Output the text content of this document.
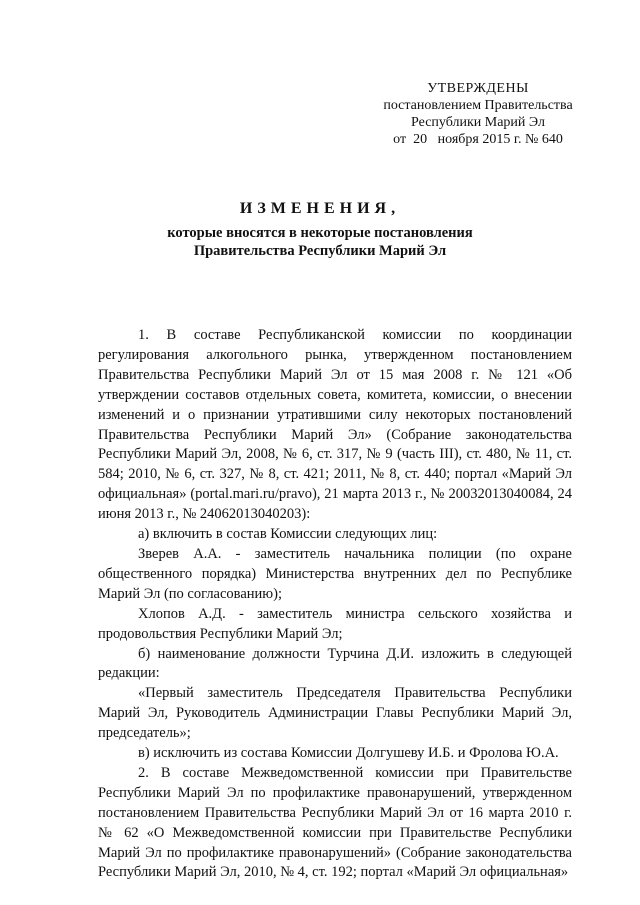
УТВЕРЖДЕНЫ
постановлением Правительства
Республики Марий Эл
от  20   ноября 2015 г. № 640
ИЗМЕНЕНИЯ,
которые вносятся в некоторые постановления
Правительства Республики Марий Эл

1. В составе Республиканской комиссии по координации регулирования алкогольного рынка, утвержденном постановлением Правительства Республики Марий Эл от 15 мая 2008 г. № 121 «Об утверждении составов отдельных совета, комитета, комиссии, о внесении изменений и о признании утратившими силу некоторых постановлений Правительства Республики Марий Эл» (Собрание законодательства Республики Марий Эл, 2008, № 6, ст. 317, № 9 (часть III), ст. 480, № 11, ст. 584; 2010, № 6, ст. 327, № 8, ст. 421; 2011, № 8, ст. 440; портал «Марий Эл официальная» (portal.mari.ru/pravo), 21 марта 2013 г., № 20032013040084, 24 июня 2013 г., № 24062013040203):

а) включить в состав Комиссии следующих лиц:

Зверев А.А. - заместитель начальника полиции (по охране общественного порядка) Министерства внутренних дел по Республике Марий Эл (по согласованию);

Хлопов А.Д. - заместитель министра сельского хозяйства и продовольствия Республики Марий Эл;

б) наименование должности Турчина Д.И. изложить в следующей редакции:

«Первый заместитель Председателя Правительства Республики Марий Эл, Руководитель Администрации Главы Республики Марий Эл, председатель»;

в) исключить из состава Комиссии Долгушеву И.Б. и Фролова Ю.А.

2. В составе Межведомственной комиссии при Правительстве Республики Марий Эл по профилактике правонарушений, утвержденном постановлением Правительства Республики Марий Эл от 16 марта 2010 г. № 62 «О Межведомственной комиссии при Правительстве Республики Марий Эл по профилактике правонарушений» (Собрание законодательства Республики Марий Эл, 2010, № 4, ст. 192; портал «Марий Эл официальная»
